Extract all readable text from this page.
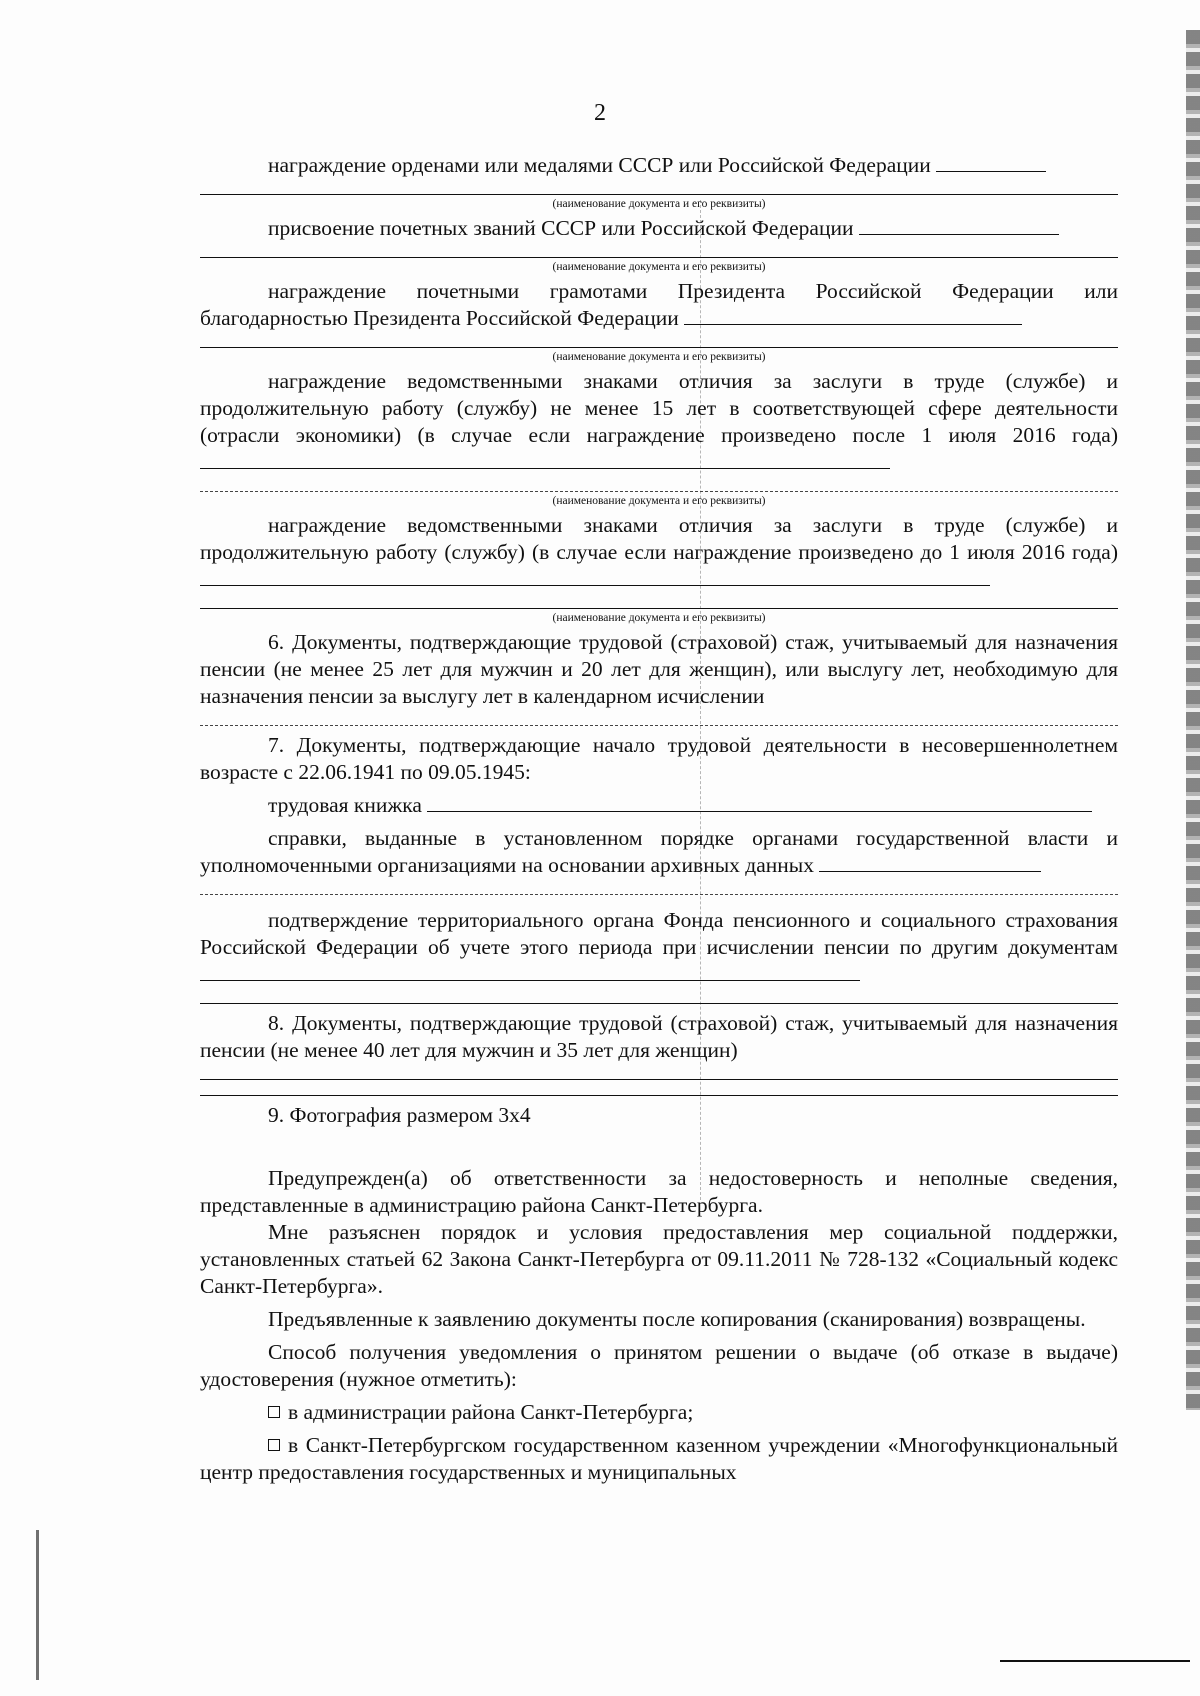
2

награждение орденами или медалями СССР или Российской Федерации

(наименование документа и его реквизиты)

присвоение почетных званий СССР или Российской Федерации

(наименование документа и его реквизиты)

награждение почетными грамотами Президента Российской Федерации или благодарностью Президента Российской Федерации

(наименование документа и его реквизиты)

награждение ведомственными знаками отличия за заслуги в труде (службе) и продолжительную работу (службу) не менее 15 лет в соответствующей сфере деятельности (отрасли экономики) (в случае если награждение произведено после 1 июля 2016 года)

(наименование документа и его реквизиты)

награждение ведомственными знаками отличия за заслуги в труде (службе) и продолжительную работу (службу) (в случае если награждение произведено до 1 июля 2016 года)

(наименование документа и его реквизиты)

6. Документы, подтверждающие трудовой (страховой) стаж, учитываемый для назначения пенсии (не менее 25 лет для мужчин и 20 лет для женщин), или выслугу лет, необходимую для назначения пенсии за выслугу лет в календарном исчислении

7. Документы, подтверждающие начало трудовой деятельности в несовершеннолетнем возрасте с 22.06.1941 по 09.05.1945:

трудовая книжка

справки, выданные в установленном порядке органами государственной власти и уполномоченными организациями на основании архивных данных

подтверждение территориального органа Фонда пенсионного и социального страхования Российской Федерации об учете этого периода при исчислении пенсии по другим документам

8. Документы, подтверждающие трудовой (страховой) стаж, учитываемый для назначения пенсии (не менее 40 лет для мужчин и 35 лет для женщин)

9. Фотография размером 3х4

Предупрежден(а) об ответственности за недостоверность и неполные сведения, представленные в администрацию района Санкт-Петербурга.

Мне разъяснен порядок и условия предоставления мер социальной поддержки, установленных статьей 62 Закона Санкт-Петербурга от 09.11.2011 № 728-132 «Социальный кодекс Санкт-Петербурга».

Предъявленные к заявлению документы после копирования (сканирования) возвращены.

Способ получения уведомления о принятом решении о выдаче (об отказе в выдаче) удостоверения (нужное отметить):

в администрации района Санкт-Петербурга;

в Санкт-Петербургском государственном казенном учреждении «Многофункциональный центр предоставления государственных и муниципальных
